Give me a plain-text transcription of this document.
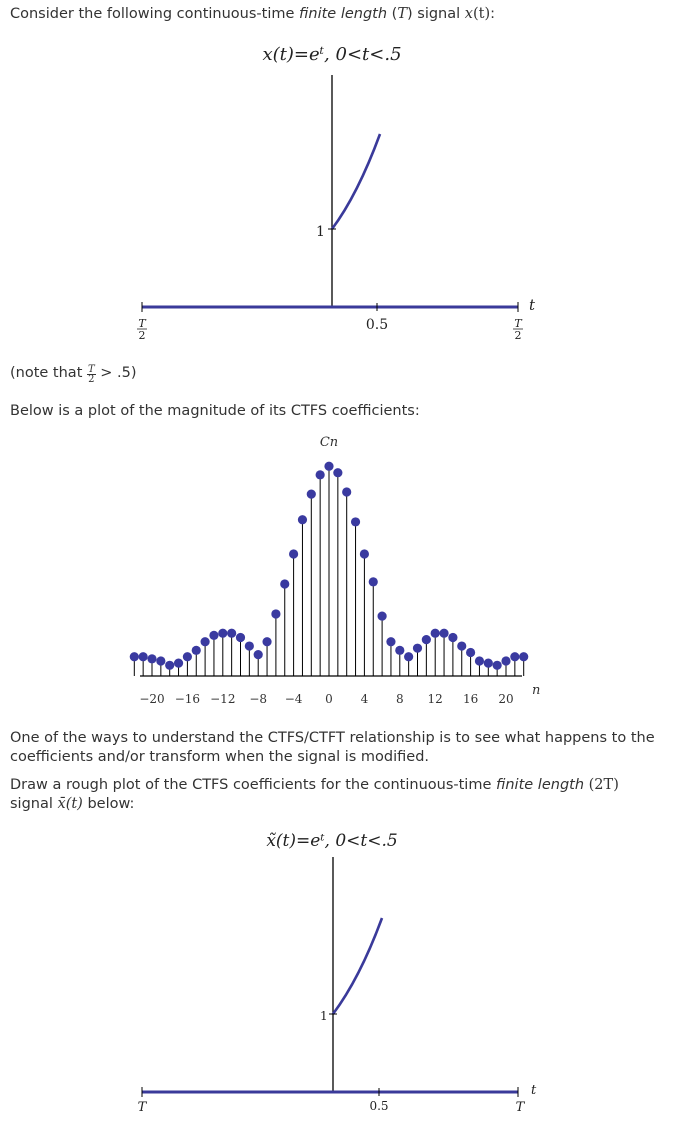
Consider the following continuous-time finite length (T) signal x(t):
x(t)=eᵗ, 0<t<.5
1
0.5
t
T
2
T
2
(note that $\frac{T}{2} > .5$)
Below is a plot of the magnitude of its CTFS coefficients:
Cn
n
−20 −16 −12 −8 −4 0 4 8 12 16 20
One of the ways to understand the CTFS/CTFT relationship is to see what happens to the coefficients and/or transform when the signal is modified.
Draw a rough plot of the CTFS coefficients for the continuous-time finite length (2T)
signal x̄(t) below:
x̃(t)=eᵗ, 0<t<.5
1
0.5
t
T	T
